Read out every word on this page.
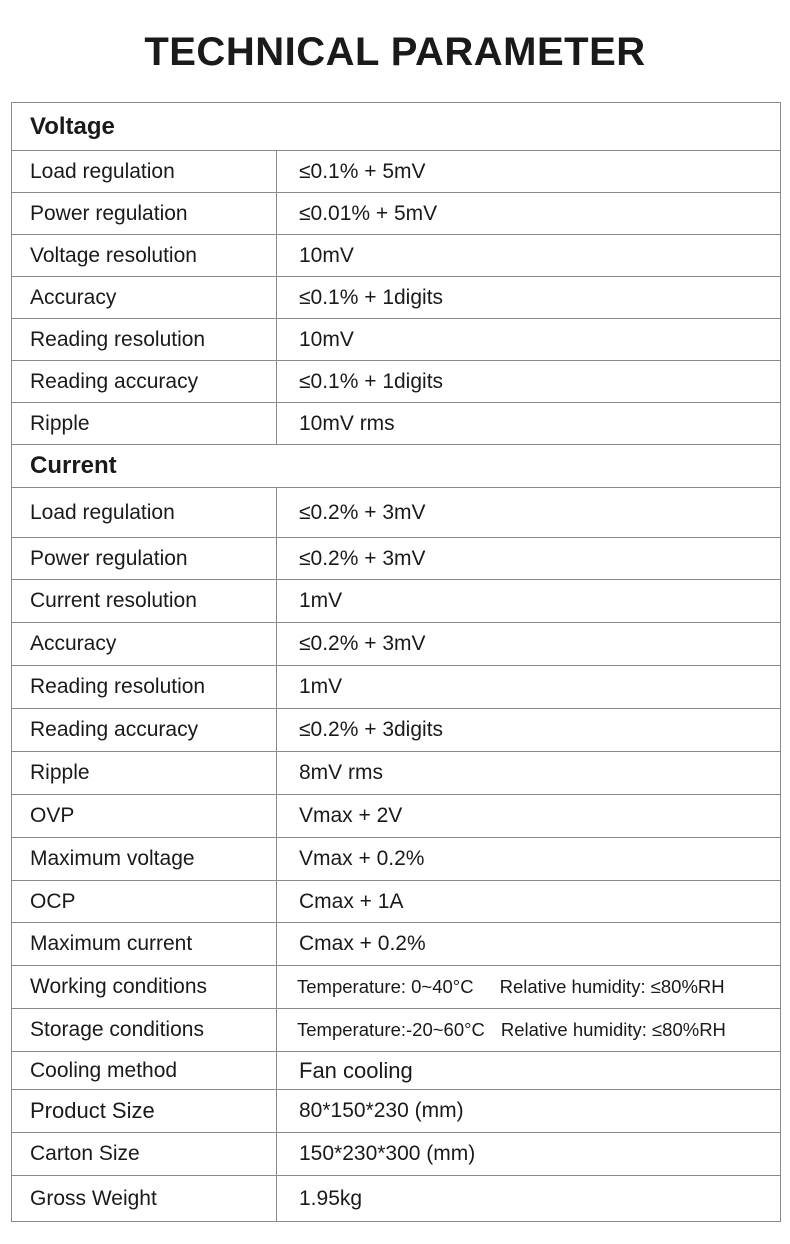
TECHNICAL PARAMETER
Voltage	
Load regulation	≤0.1% + 5mV
Power regulation	≤0.01% + 5mV
Voltage resolution	10mV
Accuracy	≤0.1% + 1digits
Reading resolution	10mV
Reading accuracy	≤0.1% + 1digits
Ripple	10mV rms
Current	
Load regulation	≤0.2% + 3mV
Power regulation	≤0.2% + 3mV
Current resolution	1mV
Accuracy	≤0.2% + 3mV
Reading resolution	1mV
Reading accuracy	≤0.2% + 3digits
Ripple	8mV rms
OVP	Vmax + 2V
Maximum voltage	Vmax + 0.2%
OCP	Cmax + 1A
Maximum current	Cmax + 0.2%
Working conditions	Temperature: 0~40°C Relative humidity: ≤80%RH
Storage conditions	Temperature:-20~60°C Relative humidity: ≤80%RH
Cooling method	Fan cooling
Product Size	80*150*230 (mm)
Carton Size	150*230*300 (mm)
Gross Weight	1.95kg
